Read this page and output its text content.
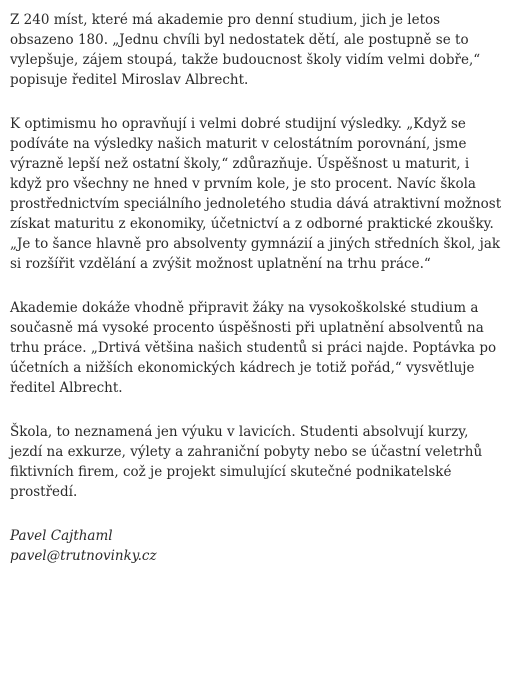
Z 240 míst, které má akademie pro denní studium, jich je letos obsazeno 180. „Jednu chvíli byl nedostatek dětí, ale postupně se to vylepšuje, zájem stoupá, takže budoucnost školy vidím velmi dobře,“ popisuje ředitel Miroslav Albrecht.

K optimismu ho opravňují i velmi dobré studijní výsledky. „Když se podíváte na výsledky našich maturit v celostátním porovnání, jsme výrazně lepší než ostatní školy,“ zdůrazňuje. Úspěšnost u maturit, i když pro všechny ne hned v prvním kole, je sto procent. Navíc škola prostřednictvím speciálního jednoletého studia dává atraktivní možnost získat maturitu z ekonomiky, účetnictví a z odborné praktické zkoušky. „Je to šance hlavně pro absolventy gymnázií a jiných středních škol, jak si rozšířit vzdělání a zvýšit možnost uplatnění na trhu práce.“

Akademie dokáže vhodně připravit žáky na vysokoškolské studium a současně má vysoké procento úspěšnosti při uplatnění absolventů na trhu práce. „Drtivá většina našich studentů si práci najde. Poptávka po účetních a nižších ekonomických kádrech je totiž pořád,“ vysvětluje ředitel Albrecht.

Škola, to neznamená jen výuku v lavicích. Studenti absolvují kurzy, jezdí na exkurze, výlety a zahraniční pobyty nebo se účastní veletrhů fiktivních firem, což je projekt simulující skutečné podnikatelské prostředí.

Pavel Cajthaml
pavel@trutnovinky.cz
